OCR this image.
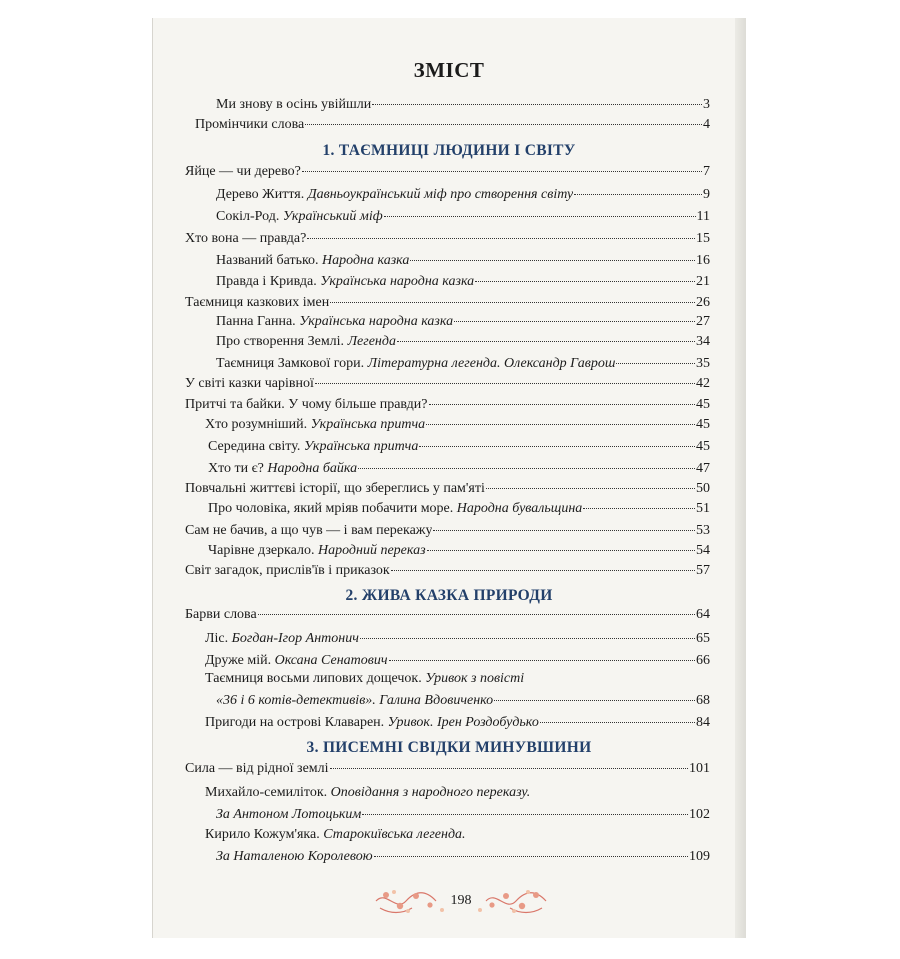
ЗМІСТ
Ми знову в осінь увійшли	3
Промінчики слова	4
1. ТАЄМНИЦІ ЛЮДИНИ І СВІТУ
Яйце — чи дерево?	7
Дерево Життя. Давньоукраїнський міф про створення світу	9
Сокіл-Род. Український міф	11
Хто вона — правда?	15
Названий батько. Народна казка	16
Правда і Кривда. Українська народна казка	21
Таємниця казкових імен	26
Панна Ганна. Українська народна казка	27
Про створення Землі. Легенда	34
Таємниця Замкової гори. Літературна легенда. Олександр Гаврош	35
У світі казки чарівної	42
Притчі та байки. У чому більше правди?	45
Хто розумніший. Українська притча	45
Середина світу. Українська притча	45
Хто ти є? Народна байка	47
Повчальні життєві історії, що зберeглись у пам'яті	50
Про чоловіка, який мріяв побачити море. Народна бувальщина	51
Сам не бачив, а що чув — і вам перекажу	53
Чарівне дзеркало. Народний переказ	54
Світ загадок, прислів'їв і приказок	57
2. ЖИВА КАЗКА ПРИРОДИ
Барви слова	64
Ліс. Богдан-Ігор Антонич	65
Друже мій. Оксана Сенатович	66
Таємниця восьми липових дощечок. Уривок з повісті
«36 і 6 котів-детективів». Галина Вдовиченко	68
Пригоди на острові Клаварен. Уривок. Ірен Роздобудько	84
3. ПИСЕМНІ СВІДКИ МИНУВШИНИ
Сила — від рідної землі	101
Михайло-семиліток. Оповідання з народного переказу.
За Антоном Лотоцьким	102
Кирило Кожум'яка. Старокиївська легенда.
За Наталеною Королевою	109
198
